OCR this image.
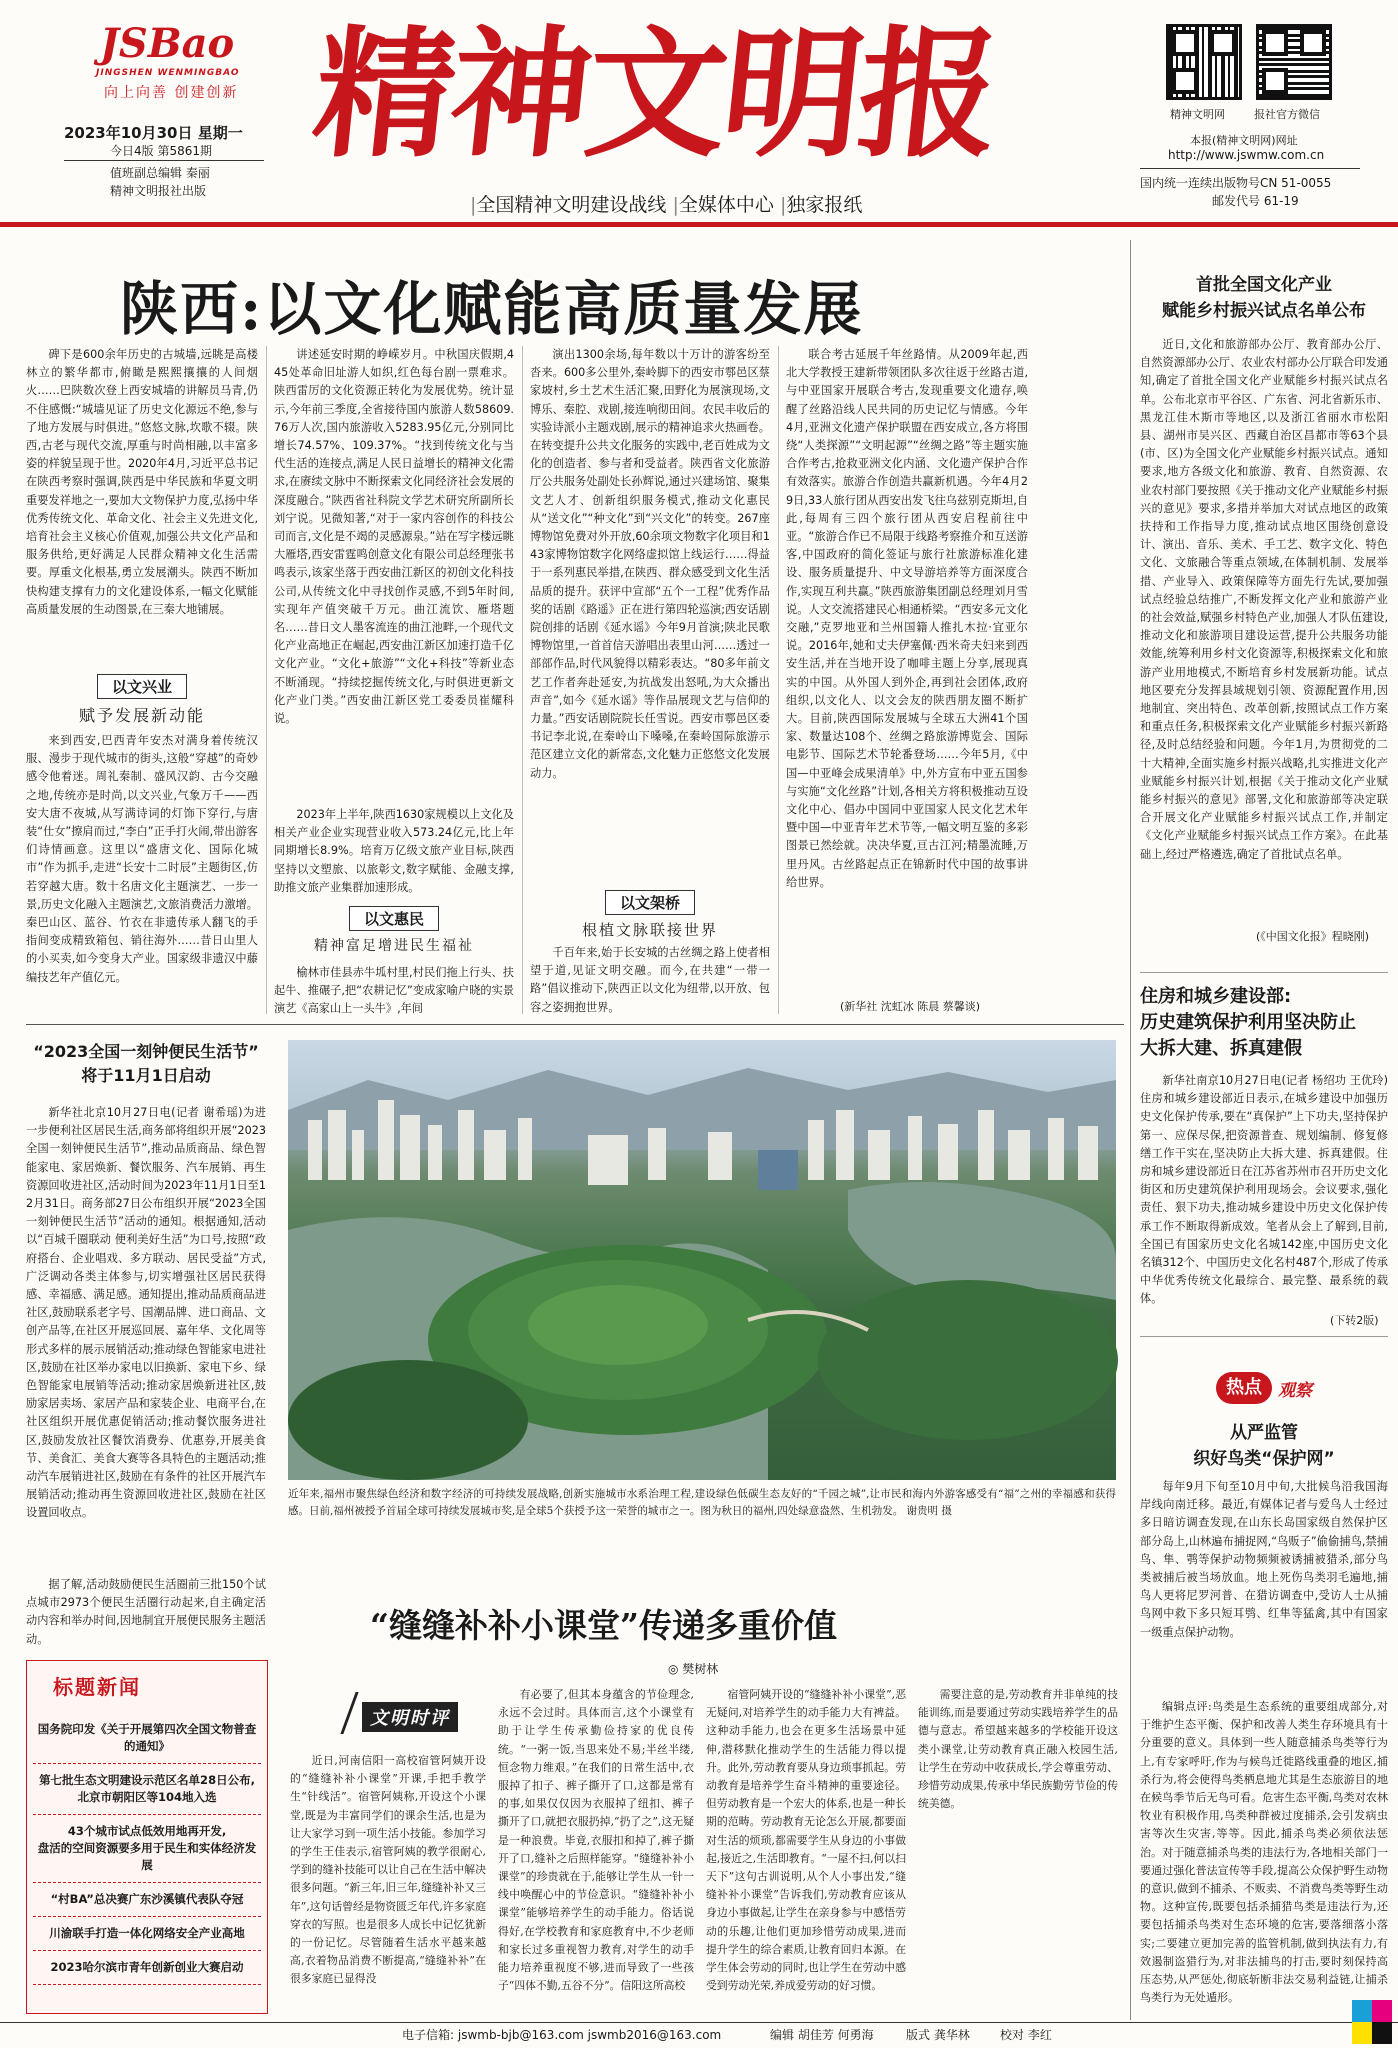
JSBao
JINGSHEN WENMINGBAO
向上向善 创建创新
2023年10月30日 星期一
今日4版 第5861期
值班副总编辑 秦丽
精神文明报社出版
精神文明报
|全国精神文明建设战线 |全媒体中心 |独家报纸
精神文明网	报社官方微信
本报(精神文明网)网址
http://www.jswmw.com.cn
国内统一连续出版物号CN 51-0055
邮发代号 61-19
陕西:以文化赋能高质量发展

碑下是600余年历史的古城墙,远眺是高楼林立的繁华都市,俯瞰是熙熙攘攘的人间烟火……巴陕数次登上西安城墙的讲解员马青,仍不住感慨:“城墙见证了历史文化源远不绝,参与了地方发展与时俱进。”悠悠文脉,坎歌不辍。陕西,古老与现代交流,厚重与时尚相融,以丰富多姿的样貌呈现于世。2020年4月,习近平总书记在陕西考察时强调,陕西是中华民族和华夏文明重要发祥地之一,要加大文物保护力度,弘扬中华优秀传统文化、革命文化、社会主义先进文化,培育社会主义核心价值观,加强公共文化产品和服务供给,更好满足人民群众精神文化生活需要。厚重文化根基,勇立发展潮头。陕西不断加快构建支撑有力的文化建设体系,一幅文化赋能高质量发展的生动图景,在三秦大地铺展。

以文兴业
赋予发展新动能

来到西安,巴西青年安杰对满身着传统汉服、漫步于现代城市的街头,这般“穿越”的奇妙感令他着迷。周礼秦制、盛风汉韵、古今交融之地,传统亦是时尚,以文兴业,气象万千——西安大唐不夜城,从写满诗词的灯饰下穿行,与唐装“仕女”擦肩而过,“李白”正手打火闹,带出游客们诗情画意。这里以“盛唐文化、国际化城市”作为抓手,走进“长安十二时辰”主题街区,仿若穿越大唐。数十名唐文化主题演艺、一步一景,历史文化融入主题演艺,文旅消费活力激增。秦巴山区、蓝谷、竹衣在非遗传承人翻飞的手指间变成精致箱包、销往海外……昔日山里人的小买卖,如今变身大产业。国家级非遗汉中藤编技艺年产值亿元。

讲述延安时期的峥嵘岁月。中秋国庆假期,445处革命旧址游人如织,红色每台剧一票难求。陕西雷厉的文化资源正转化为发展优势。统计显示,今年前三季度,全省接待国内旅游人数58609.76万人次,国内旅游收入5283.95亿元,分别同比增长74.57%、109.37%。“找到传统文化与当代生活的连接点,满足人民日益增长的精神文化需求,在赓续文脉中不断探索文化同经济社会发展的深度融合。”陕西省社科院文学艺术研究所副所长刘宁说。见微知著,“对于一家内容创作的科技公司而言,文化是不竭的灵感源泉。”站在写字楼远眺大雁塔,西安雷霆鸣创意文化有限公司总经理张书鸣表示,该家坐落于西安曲江新区的初创文化科技公司,从传统文化中寻找创作灵感,不到5年时间,实现年产值突破千万元。曲江流饮、雁塔题名……昔日文人墨客流连的曲江池畔,一个现代文化产业高地正在崛起,西安曲江新区加速打造千亿文化产业。“文化+旅游”“文化+科技”等新业态不断涌现。“持续挖掘传统文化,与时俱进更新文化产业门类。”西安曲江新区党工委委员崔耀科说。

2023年上半年,陕西1630家规模以上文化及相关产业企业实现营业收入573.24亿元,比上年同期增长8.9%。培育万亿级文旅产业目标,陕西坚持以文塑旅、以旅彰文,数字赋能、金融支撑,助推文旅产业集群加速形成。

以文惠民
精神富足增进民生福祉

榆林市佳县赤牛坬村里,村民们拖上行头、扶起牛、推碾子,把“农耕记忆”变成家喻户晓的实景演艺《高家山上一头牛》,年间

演出1300余场,每年数以十万计的游客纷至沓来。600多公里外,秦岭脚下的西安市鄠邑区蔡家坡村,乡土艺术生活汇聚,田野化为展演现场,文博乐、秦腔、戏剧,接连响彻田间。农民丰收后的实验诗派小主题戏剧,展示的精神追求火热画卷。在转变提升公共文化服务的实践中,老百姓成为文化的创造者、参与者和受益者。陕西省文化旅游厅公共服务处副处长孙辉说,通过兴建场馆、聚集文艺人才、创新组织服务模式,推动文化惠民从“送文化”“种文化”到“兴文化”的转变。267座博物馆免费对外开放,60余项文物数字化项目和143家博物馆数字化网络虚拟馆上线运行……得益于一系列惠民举措,在陕西、群众感受到文化生活品质的提升。获评中宣部“五个一工程”优秀作品奖的话剧《路遥》正在进行第四轮巡演;西安话剧院创排的话剧《延水谣》今年9月首演;陕北民歌博物馆里,一首首信天游唱出表里山河……透过一部部作品,时代风貌得以精彩表达。“80多年前文艺工作者奔赴延安,为抗战发出怒吼,为大众播出声音”,如今《延水谣》等作品展现文艺与信仰的力量。”西安话剧院院长任雪说。西安市鄠邑区委书记李北说,在秦岭山下嗓嗓,在秦岭国际旅游示范区建立文化的新常态,文化魅力正悠悠文化发展动力。

以文架桥
根植文脉联接世界

千百年来,始于长安城的古丝绸之路上使者相望于道,见证文明交融。而今,在共建“一带一路”倡议推动下,陕西正以文化为纽带,以开放、包容之姿拥抱世界。

联合考古延展千年丝路情。从2009年起,西北大学教授王建新带领团队多次往返于丝路古道,与中亚国家开展联合考古,发现重要文化遗存,唤醒了丝路沿线人民共同的历史记忆与情感。今年4月,亚洲文化遗产保护联盟在西安成立,各方将围绕“人类探源”“文明起源”“丝绸之路”等主题实施合作考古,抢救亚洲文化内涵、文化遗产保护合作有效落实。旅游合作创造共赢新机遇。今年4月29日,33人旅行团从西安出发飞往乌兹别克斯坦,自此,每周有三四个旅行团从西安启程前往中亚。“旅游合作已不局限于线路考察推介和互送游客,中国政府的简化签证与旅行社旅游标准化建设、服务质量提升、中文导游培养等方面深度合作,实现互利共赢。”陕西旅游集团副总经理刘月雪说。人文交流搭建民心相通桥梁。“西安多元文化交融,”克罗地亚和兰州国籍人推扎木拉·宜亚尔说。2016年,她和丈夫伊塞佩·西米奇夫妇来到西安生活,并在当地开设了咖啡主题上分享,展现真实的中国。从外国人到外企,再到社会团体,政府组织,以文化人、以文会友的陕西朋友圈不断扩大。目前,陕西国际发展城与全球五大洲41个国家、数量达108个、丝绸之路旅游博览会、国际电影节、国际艺术节轮番登场……今年5月,《中国—中亚峰会成果清单》中,外方宣布中亚五国参与实施“文化丝路”计划,各相关方将积极推动互设文化中心、倡办中国同中亚国家人民文化艺术年暨中国—中亚青年艺术节等,一幅文明互鉴的多彩图景已然绘就。决决华夏,亘古江河;精墨流睡,万里丹风。古丝路起点正在锦新时代中国的故事讲给世界。

(新华社 沈虹冰 陈晨 蔡馨谈)
首批全国文化产业
赋能乡村振兴试点名单公布

近日,文化和旅游部办公厅、教育部办公厅、自然资源部办公厅、农业农村部办公厅联合印发通知,确定了首批全国文化产业赋能乡村振兴试点名单。公布北京市平谷区、广东省、河北省新乐市、黑龙江佳木斯市等地区,以及浙江省丽水市松阳县、湖州市吴兴区、西藏自治区昌都市等63个县(市、区)为全国文化产业赋能乡村振兴试点。通知要求,地方各级文化和旅游、教育、自然资源、农业农村部门要按照《关于推动文化产业赋能乡村振兴的意见》要求,多措并举加大对试点地区的政策扶持和工作指导力度,推动试点地区围绕创意设计、演出、音乐、美术、手工艺、数字文化、特色文化、文旅融合等重点领域,在体制机制、发展举措、产业导入、政策保障等方面先行先试,要加强试点经验总结推广,不断发挥文化产业和旅游产业的社会效益,赋强乡村特色产业,加强人才队伍建设,推动文化和旅游项目建设运营,提升公共服务功能效能,统筹利用乡村文化资源等,积极探索文化和旅游产业用地模式,不断培育乡村发展新功能。试点地区要充分发挥县域规划引领、资源配置作用,因地制宜、突出特色、改革创新,按照试点工作方案和重点任务,积极探索文化产业赋能乡村振兴新路径,及时总结经验和问题。今年1月,为贯彻党的二十大精神,全面实施乡村振兴战略,扎实推进文化产业赋能乡村振兴计划,根据《关于推动文化产业赋能乡村振兴的意见》部署,文化和旅游部等决定联合开展文化产业赋能乡村振兴试点工作,并制定《文化产业赋能乡村振兴试点工作方案》。在此基础上,经过严格遴选,确定了首批试点名单。

(《中国文化报》程晓刚)
住房和城乡建设部:
历史建筑保护利用坚决防止
大拆大建、拆真建假

新华社南京10月27日电(记者 杨绍功 王优玲)住房和城乡建设部近日表示,在城乡建设中加强历史文化保护传承,要在“真保护”上下功夫,坚持保护第一、应保尽保,把资源普查、规划编制、修复修缮工作干实在,坚决防止大拆大建、拆真建假。住房和城乡建设部近日在江苏省苏州市召开历史文化街区和历史建筑保护利用现场会。会议要求,强化责任、狠下功夫,推动城乡建设中历史文化保护传承工作不断取得新成效。笔者从会上了解到,目前,全国已有国家历史文化名城142座,中国历史文化名镇312个、中国历史文化名村487个,形成了传承中华优秀传统文化最综合、最完整、最系统的载体。

(下转2版)
热点 观察
从严监管
织好鸟类“保护网”

每年9月下旬至10月中旬,大批候鸟沿我国海岸线向南迁移。最近,有媒体记者与爱鸟人士经过多日暗访调查发现,在山东长岛国家级自然保护区部分岛上,山林遍布捕捉网,“鸟贩子”偷偷捕鸟,禁捕鸟、隼、鹗等保护动物频频被诱捕被猎杀,部分鸟类被捕后被当场放血。地上死伤鸟类羽毛遍地,捕鸟人更将尼罗河普、在猎访调查中,受访人士从捕鸟网中救下多只短耳鸮、红隼等猛禽,其中有国家一级重点保护动物。

编辑点评:鸟类是生态系统的重要组成部分,对于维护生态平衡、保护和改善人类生存环境具有十分重要的意义。具体到一些人随意捕杀鸟类等行为上,有专家呼吁,作为与候鸟迁徙路线重叠的地区,捕杀行为,将会使得鸟类栖息地尤其是生态旅游目的地在候鸟季节后无鸟可看。危害生态平衡,鸟类对农林牧业有积极作用,鸟类种群被过度捕杀,会引发病虫害等次生灾害,等等。因此,捕杀鸟类必须依法惩治。对于随意捕杀鸟类的违法行为,各地相关部门一要通过强化普法宣传等手段,提高公众保护野生动物的意识,做到不捕杀、不贩卖、不消费鸟类等野生动物。这种宣传,既要包括杀捕猎鸟类是违法行为,还要包括捕杀鸟类对生态环境的危害,要落细落小落实;二要建立更加完善的监管机制,做到执法有力,有效遏制盗猎行为,对非法捕鸟的打击,要时刻保持高压态势,从严惩处,彻底斩断非法交易利益链,让捕杀鸟类行为无处遁形。

“2023全国一刻钟便民生活节”
将于11月1日启动

新华社北京10月27日电(记者 谢希瑶)为进一步便利社区居民生活,商务部将组织开展“2023全国一刻钟便民生活节”,推动品质商品、绿色智能家电、家居焕新、餐饮服务、汽车展销、再生资源回收进社区,活动时间为2023年11月1日至12月31日。商务部27日公布组织开展“2023全国一刻钟便民生活节”活动的通知。根据通知,活动以“百城千圈联动 便利美好生活”为口号,按照“政府搭台、企业唱戏、多方联动、居民受益”方式,广泛调动各类主体参与,切实增强社区居民获得感、幸福感、满足感。通知提出,推动品质商品进社区,鼓励联系老字号、国潮品牌、进口商品、文创产品等,在社区开展巡回展、嘉年华、文化周等形式多样的展示展销活动;推动绿色智能家电进社区,鼓励在社区举办家电以旧换新、家电下乡、绿色智能家电展销等活动;推动家居焕新进社区,鼓励家居卖场、家居产品和家装企业、电商平台,在社区组织开展优惠促销活动;推动餐饮服务进社区,鼓励发放社区餐饮消费券、优惠券,开展美食节、美食汇、美食大赛等各具特色的主题活动;推动汽车展销进社区,鼓励在有条件的社区开展汽车展销活动;推动再生资源回收进社区,鼓励在社区设置回收点。

据了解,活动鼓励便民生活圈前三批150个试点城市2973个便民生活圈行动起来,自主确定活动内容和举办时间,因地制宜开展便民服务主题活动。

近年来,福州市聚焦绿色经济和数字经济的可持续发展战略,创新实施城市水系治理工程,建设绿色低碳生态友好的“千园之城”,让市民和海内外游客感受有“福”之州的幸福感和获得感。日前,福州被授予首届全球可持续发展城市奖,是全球5个获授予这一荣誉的城市之一。图为秋日的福州,四处绿意盎然、生机勃发。 谢贵明 摄
标题新闻
国务院印发《关于开展第四次全国文物普查的通知》
第七批生态文明建设示范区名单28日公布,
北京市朝阳区等104地入选
43个城市试点低效用地再开发,
盘活的空间资源要多用于民生和实体经济发展
“村BA”总决赛广东沙溪镇代表队夺冠
川渝联手打造一体化网络安全产业高地
2023哈尔滨市青年创新创业大赛启动
“缝缝补补小课堂”传递多重价值
◎ 樊树林
文明时评

近日,河南信阳一高校宿管阿姨开设的“缝缝补补小课堂”开课,手把手教学生“针线活”。宿管阿姨称,开设这个小课堂,既是为丰富同学们的课余生活,也是为让大家学习到一项生活小技能。参加学习的学生王佳表示,宿管阿姨的教学很耐心,学到的缝补技能可以让自己在生活中解决很多问题。“新三年,旧三年,缝缝补补又三年”,这句话曾经是物资匮乏年代,许多家庭穿衣的写照。也是很多人成长中记忆犹新的一份记忆。尽管随着生活水平越来越高,衣着物品消费不断提高,“缝缝补补”在很多家庭已显得没

有必要了,但其本身蕴含的节俭理念,永远不会过时。具体而言,这个小课堂有助于让学生传承勤俭持家的优良传统。“一粥一饭,当思来处不易;半丝半缕,恒念物力维艰。”在我们的日常生活中,衣服掉了扣子、裤子撕开了口,这都是常有的事,如果仅仅因为衣服掉了纽扣、裤子撕开了口,就把衣服扔掉,“扔了之”,这无疑是一种浪费。毕竟,衣服扣和掉了,裤子撕开了口,缝补之后照样能穿。“缝缝补补小课堂”的珍贵就在于,能够让学生从一针一线中唤醒心中的节俭意识。“缝缝补补小课堂”能够培养学生的动手能力。俗话说得好,在学校教育和家庭教育中,不少老师和家长过多重视智力教育,对学生的动手能力培养重视度不够,进而导致了一些孩子“四体不勤,五谷不分”。信阳这所高校

宿管阿姨开设的“缝缝补补小课堂”,恶无疑问,对培养学生的动手能力大有裨益。这种动手能力,也会在更多生活场景中延伸,潜移默化推动学生的生活能力得以提升。此外,劳动教育要从身边琐事抓起。劳动教育是培养学生奋斗精神的重要途径。但劳动教育是一个宏大的体系,也是一种长期的范畴。劳动教育无论怎么开展,都要面对生活的烦琐,都需要学生从身边的小事做起,接近之,生活即教育。“一屋不扫,何以扫天下”这句古训说明,从个人小事出发,“缝缝补补小课堂”告诉我们,劳动教育应该从身边小事做起,让学生在亲身参与中感悟劳动的乐趣,让他们更加珍惜劳动成果,进而提升学生的综合素质,让教育回归本源。在学生体会劳动的同时,也让学生在劳动中感受到劳动光荣,养成爱劳动的好习惯。

需要注意的是,劳动教育并非单纯的技能训练,而是要通过劳动实践培养学生的品德与意志。希望越来越多的学校能开设这类小课堂,让劳动教育真正融入校园生活,让学生在劳动中收获成长,学会尊重劳动、珍惜劳动成果,传承中华民族勤劳节俭的传统美德。

电子信箱: jswmb-bjb@163.com jswmb2016@163.com	编辑 胡佳芳 何勇海	版式 龚华林	校对 李红
